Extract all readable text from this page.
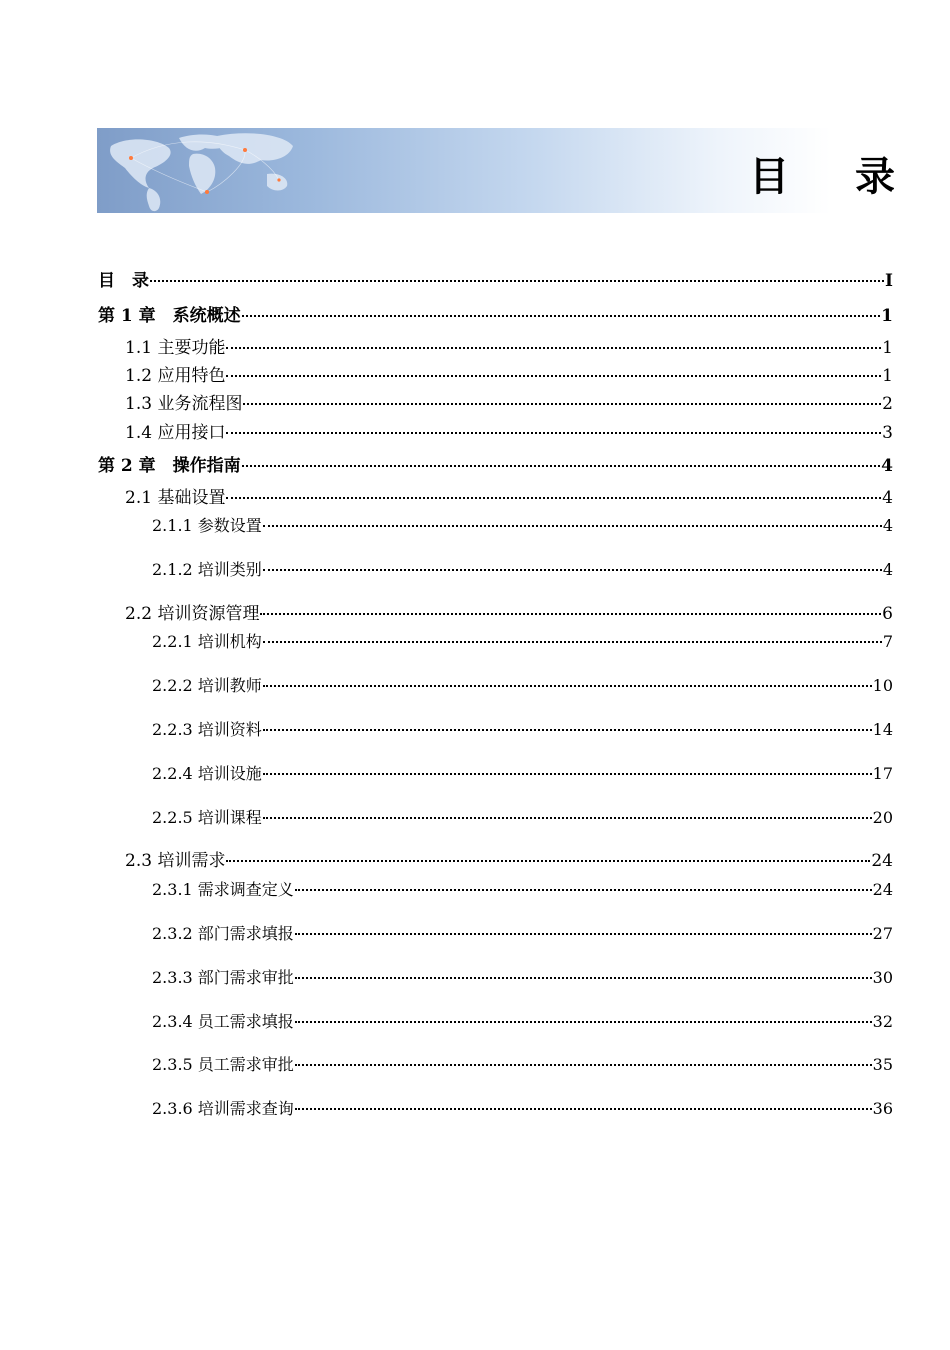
目 录
目　录	I
第 1 章　系统概述	1
1.1 主要功能	1
1.2 应用特色	1
1.3 业务流程图	2
1.4 应用接口	3
第 2 章　操作指南	4
2.1 基础设置	4
2.1.1 参数设置	4
2.1.2 培训类别	4
2.2 培训资源管理	6
2.2.1 培训机构	7
2.2.2 培训教师	10
2.2.3 培训资料	14
2.2.4 培训设施	17
2.2.5 培训课程	20
2.3 培训需求	24
2.3.1 需求调查定义	24
2.3.2 部门需求填报	27
2.3.3 部门需求审批	30
2.3.4 员工需求填报	32
2.3.5 员工需求审批	35
2.3.6 培训需求查询	36
